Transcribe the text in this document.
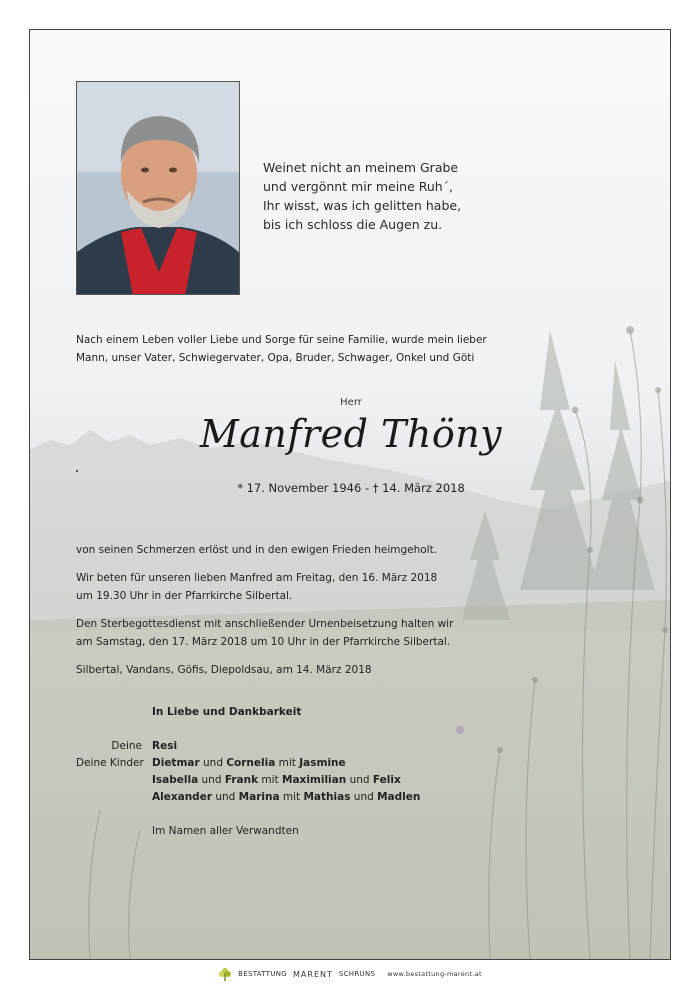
Weinet nicht an meinem Grabe
und vergönnt mir meine Ruh´,
Ihr wisst, was ich gelitten habe,
bis ich schloss die Augen zu.
Nach einem Leben voller Liebe und Sorge für seine Familie, wurde mein lieber
Mann, unser Vater, Schwiegervater, Opa, Bruder, Schwager, Onkel und Göti
Herr
Manfred Thöny
* 17. November 1946 - † 14. März 2018

von seinen Schmerzen erlöst und in den ewigen Frieden heimgeholt.

Wir beten für unseren lieben Manfred am Freitag, den 16. März 2018
um 19.30 Uhr in der Pfarrkirche Silbertal.

Den Sterbegottesdienst mit anschließender Urnenbeisetzung halten wir
am Samstag, den 17. März 2018 um 10 Uhr in der Pfarrkirche Silbertal.

Silbertal, Vandans, Göfis, Diepoldsau, am 14. März 2018

In Liebe und Dankbarkeit
Deine Resi
Deine Kinder Dietmar und Cornelia mit Jasmine
Isabella und Frank mit Maximilian und Felix
Alexander und Marina mit Mathias und Madlen
Im Namen aller Verwandten
BESTATTUNG MARENT SCHRUNS www.bestattung-marent.at
